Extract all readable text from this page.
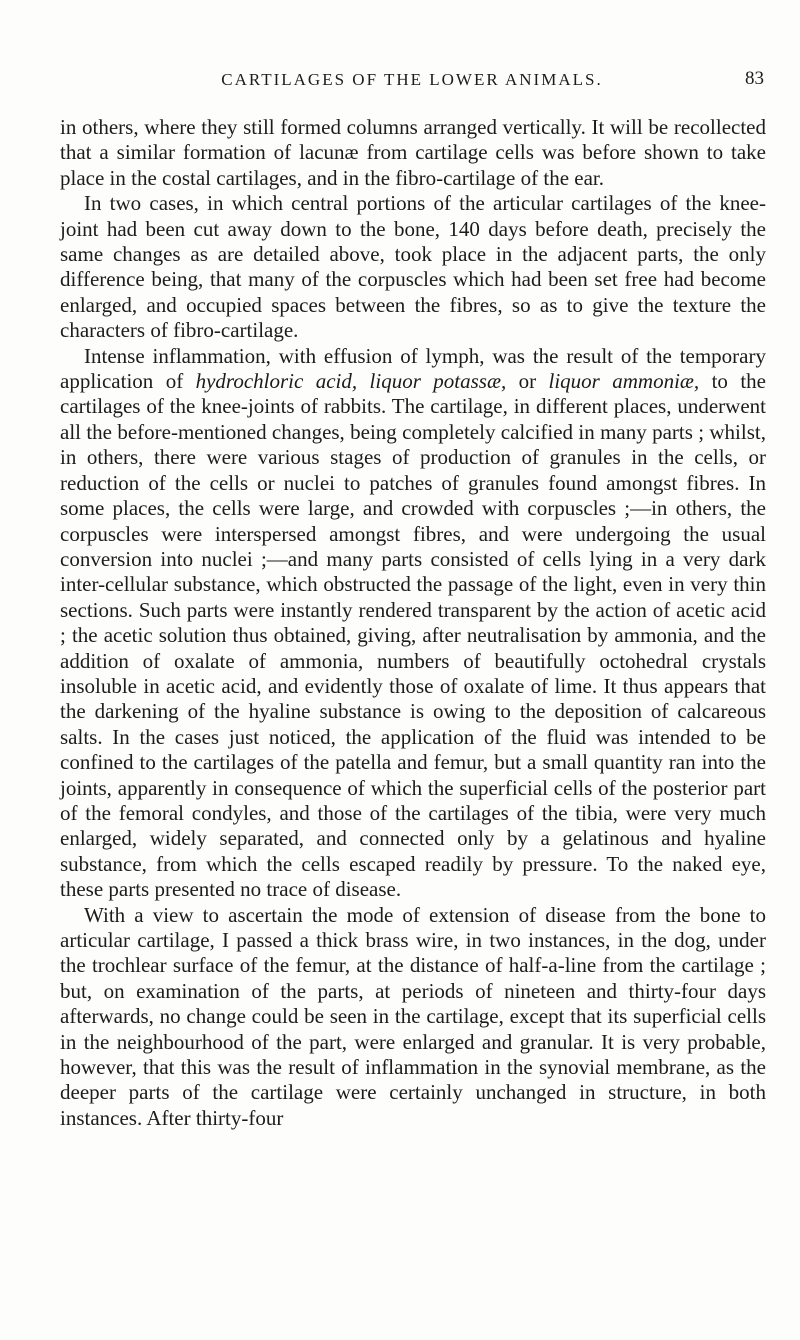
CARTILAGES OF THE LOWER ANIMALS.	83

in others, where they still formed columns arranged vertically. It will be recollected that a similar formation of lacunæ from cartilage cells was before shown to take place in the costal cartilages, and in the fibro-cartilage of the ear.

In two cases, in which central portions of the articular cartilages of the knee-joint had been cut away down to the bone, 140 days before death, precisely the same changes as are detailed above, took place in the adjacent parts, the only difference being, that many of the corpuscles which had been set free had become enlarged, and occupied spaces between the fibres, so as to give the texture the characters of fibro-cartilage.

Intense inflammation, with effusion of lymph, was the result of the temporary application of hydrochloric acid, liquor potassæ, or liquor ammoniæ, to the cartilages of the knee-joints of rabbits. The cartilage, in different places, underwent all the before-mentioned changes, being completely calcified in many parts ; whilst, in others, there were various stages of production of granules in the cells, or reduction of the cells or nuclei to patches of granules found amongst fibres. In some places, the cells were large, and crowded with corpuscles ;—in others, the corpuscles were interspersed amongst fibres, and were undergoing the usual conversion into nuclei ;—and many parts consisted of cells lying in a very dark inter-cellular substance, which obstructed the passage of the light, even in very thin sections. Such parts were instantly rendered transparent by the action of acetic acid ; the acetic solution thus obtained, giving, after neutralisation by ammonia, and the addition of oxalate of ammonia, numbers of beautifully octohedral crystals insoluble in acetic acid, and evidently those of oxalate of lime. It thus appears that the darkening of the hyaline substance is owing to the deposition of calcareous salts. In the cases just noticed, the application of the fluid was intended to be confined to the cartilages of the patella and femur, but a small quantity ran into the joints, apparently in consequence of which the superficial cells of the posterior part of the femoral condyles, and those of the cartilages of the tibia, were very much enlarged, widely separated, and connected only by a gelatinous and hyaline substance, from which the cells escaped readily by pressure. To the naked eye, these parts presented no trace of disease.

With a view to ascertain the mode of extension of disease from the bone to articular cartilage, I passed a thick brass wire, in two instances, in the dog, under the trochlear surface of the femur, at the distance of half-a-line from the cartilage ; but, on examination of the parts, at periods of nineteen and thirty-four days afterwards, no change could be seen in the cartilage, except that its superficial cells in the neighbourhood of the part, were enlarged and granular. It is very probable, however, that this was the result of inflammation in the synovial membrane, as the deeper parts of the cartilage were certainly unchanged in structure, in both instances. After thirty-four
